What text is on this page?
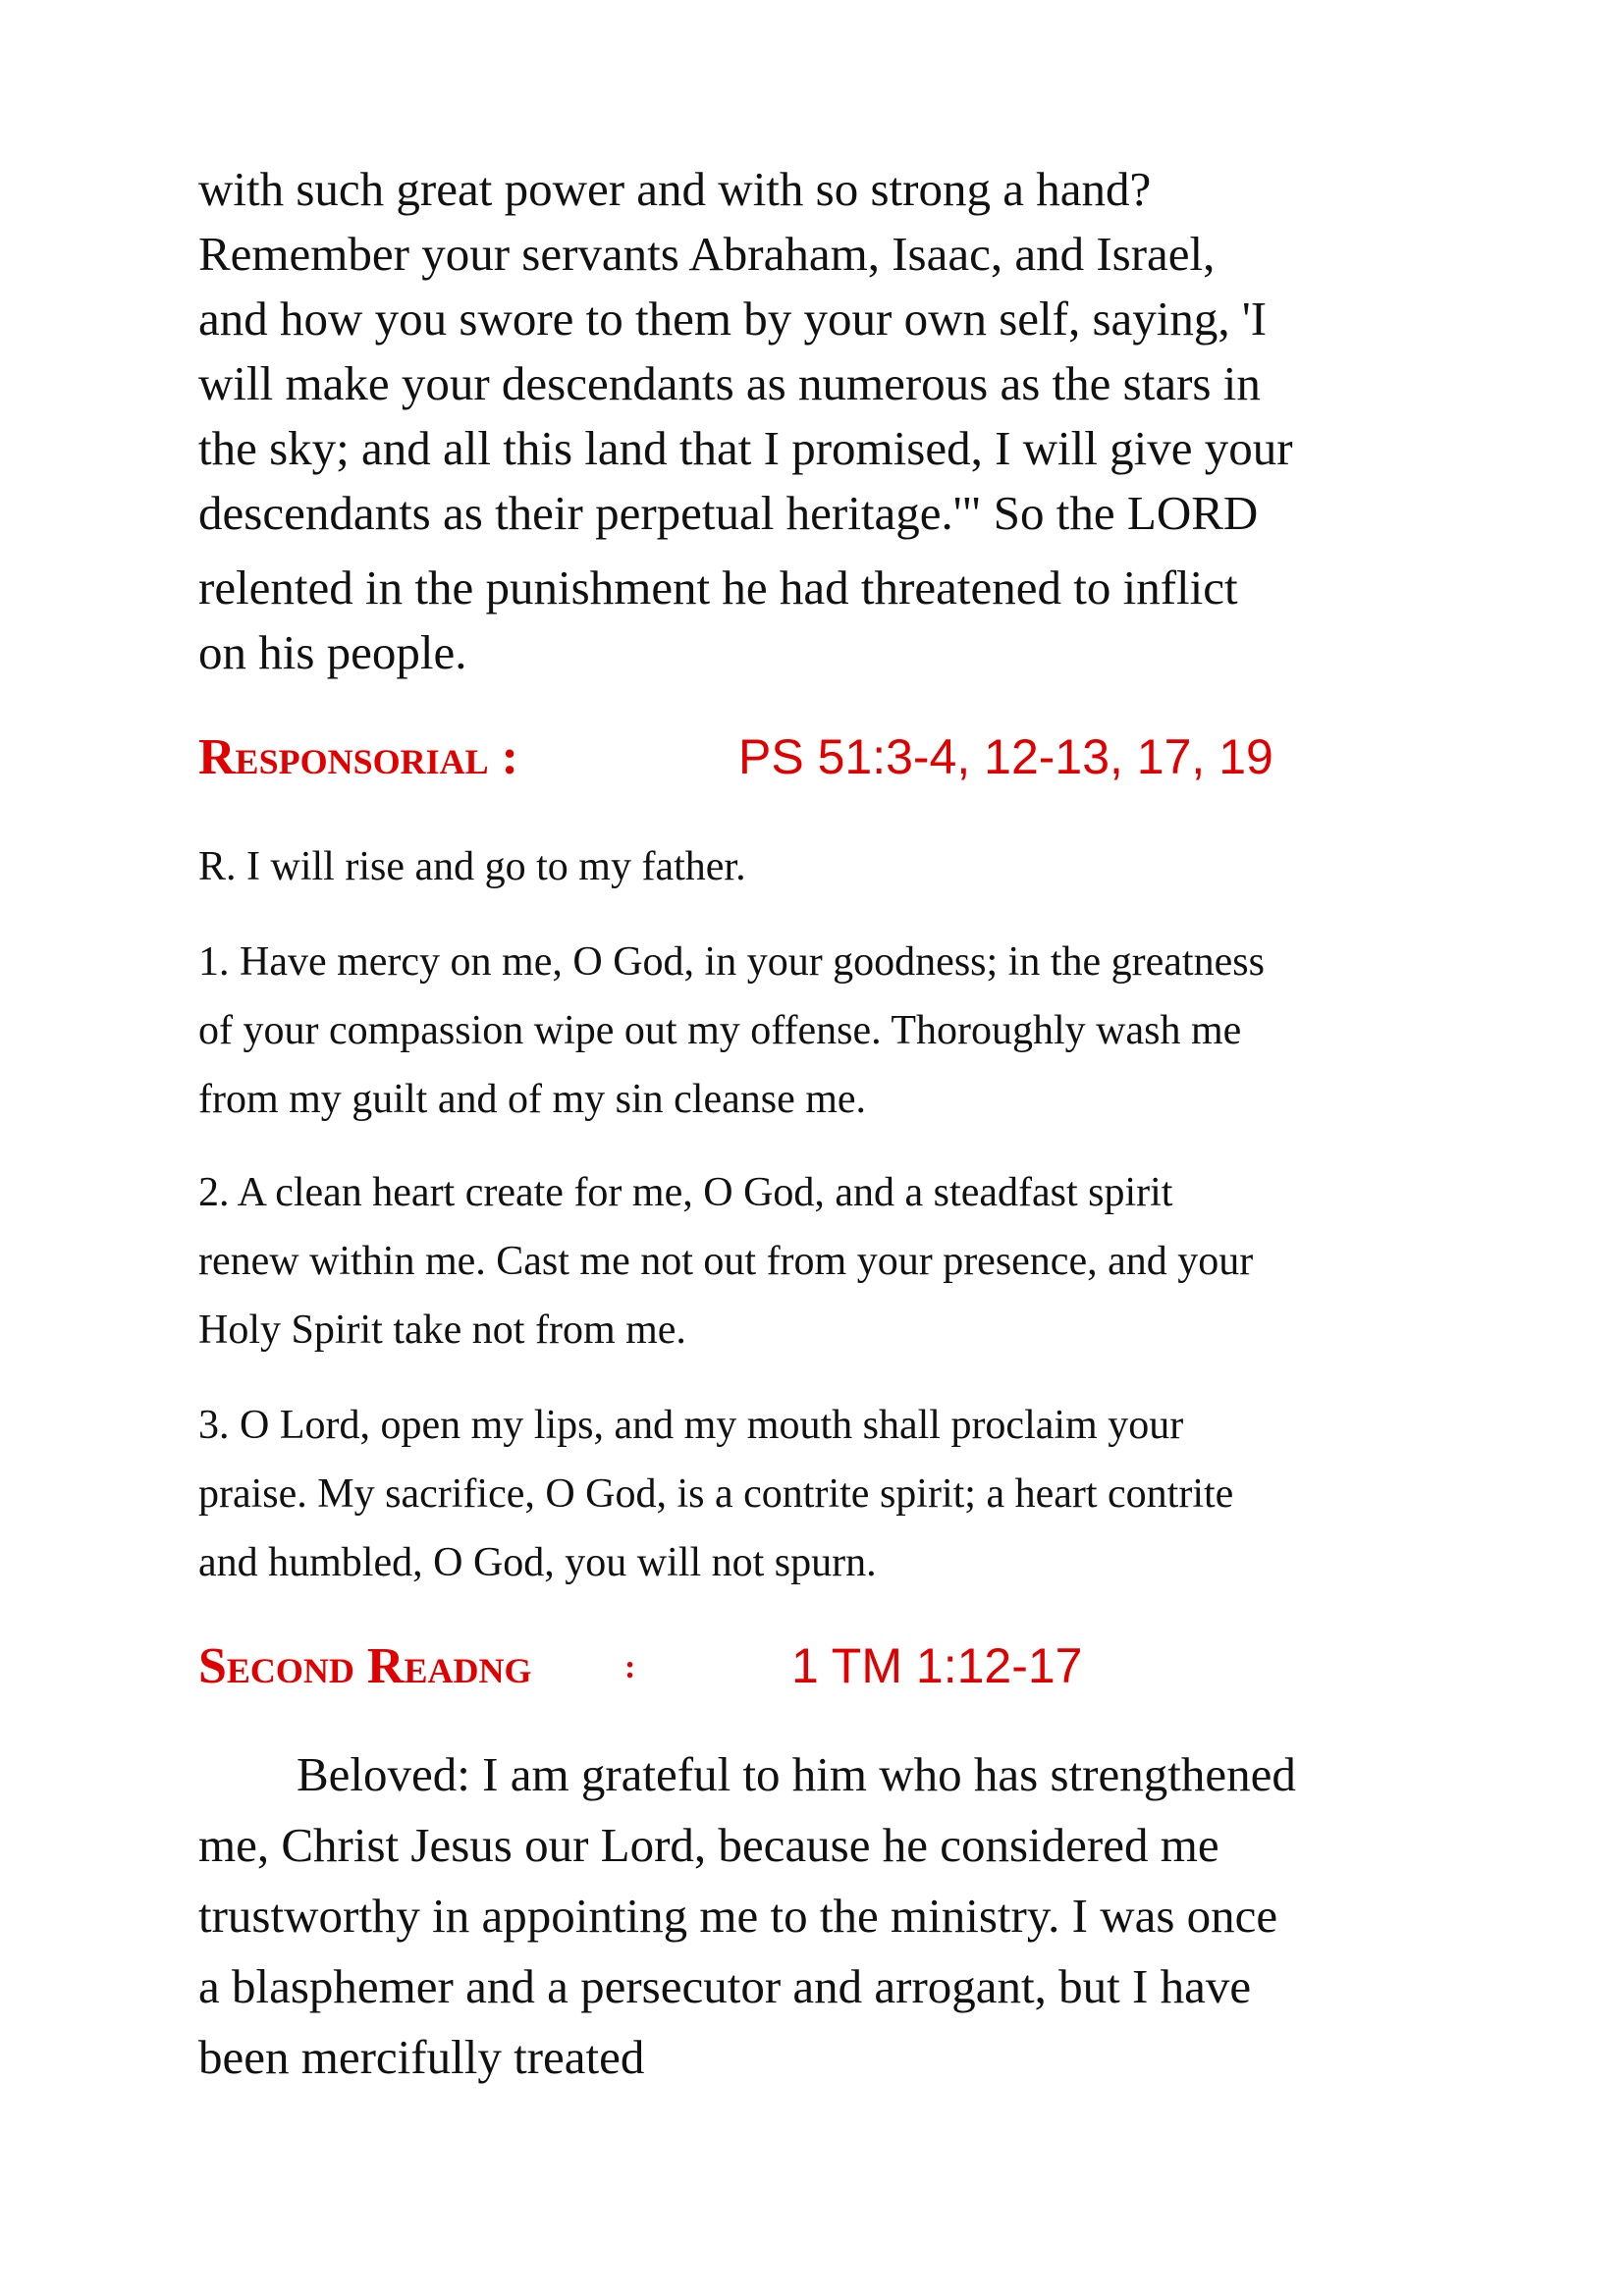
with such great power and with so strong a hand?
Remember your servants Abraham, Isaac, and Israel,
and how you swore to them by your own self, saying, 'I
will make your descendants as numerous as the stars in
the sky; and all this land that I promised, I will give your
descendants as their perpetual heritage.'" So the LORD
relented in the punishment he had threatened to inflict
on his people.

Responsorial :	PS 51:3-4, 12-13, 17, 19

R. I will rise and go to my father.

1. Have mercy on me, O God, in your goodness; in the greatness
of your compassion wipe out my offense. Thoroughly wash me
from my guilt and of my sin cleanse me.

2. A clean heart create for me, O God, and a steadfast spirit
renew within me. Cast me not out from your presence, and your
Holy Spirit take not from me.

3. O Lord, open my lips, and my mouth shall proclaim your
praise. My sacrifice, O God, is a contrite spirit; a heart contrite
and humbled, O God, you will not spurn.

Second Readng	:	1 TM 1:12-17

Beloved: I am grateful to him who has strengthened
me, Christ Jesus our Lord, because he considered me
trustworthy in appointing me to the ministry. I was once
a blasphemer and a persecutor and arrogant, but I have
been mercifully treated
